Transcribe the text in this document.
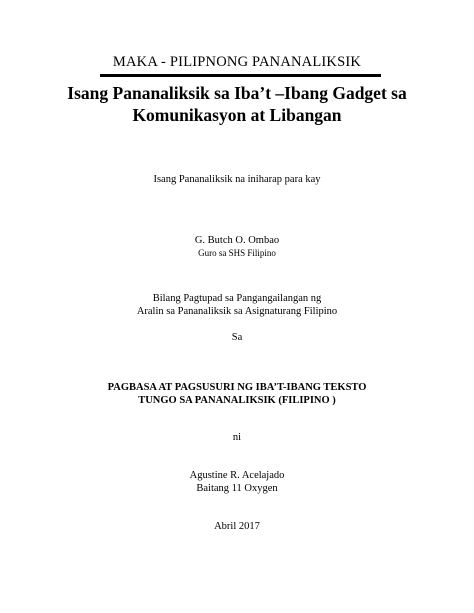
MAKA - PILIPNONG PANANALIKSIK
Isang Pananaliksik sa Iba’t –Ibang Gadget sa
Komunikasyon at Libangan
Isang Pananaliksik na iniharap para kay
G. Butch O. Ombao
Guro sa SHS Filipino
Bilang Pagtupad sa Pangangailangan ng
Aralin sa Pananaliksik sa Asignaturang Filipino
Sa
PAGBASA AT PAGSUSURI NG IBA’T-IBANG TEKSTO
TUNGO SA PANANALIKSIK (FILIPINO )
ni
Agustine R. Acelajado
Baitang 11 Oxygen
Abril 2017
